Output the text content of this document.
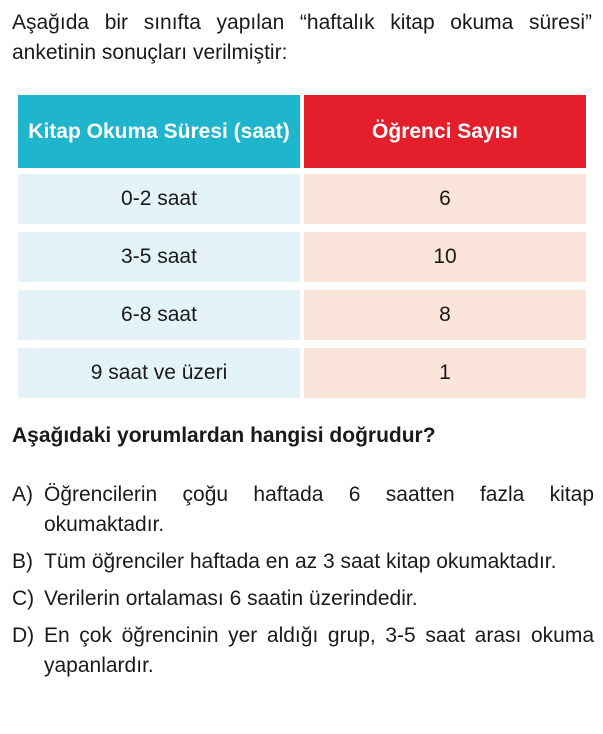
Aşağıda bir sınıfta yapılan “haftalık kitap okuma süresi” anketinin sonuçları verilmiştir:

Kitap Okuma Süresi (saat)	Öğrenci Sayısı
0-2 saat	6
3-5 saat	10
6-8 saat	8
9 saat ve üzeri	1

Aşağıdaki yorumlardan hangisi doğrudur?

A) Öğrencilerin çoğu haftada 6 saatten fazla kitap okumaktadır.
B) Tüm öğrenciler haftada en az 3 saat kitap okumaktadır.
C) Verilerin ortalaması 6 saatin üzerindedir.
D) En çok öğrencinin yer aldığı grup, 3-5 saat arası okuma yapanlardır.
